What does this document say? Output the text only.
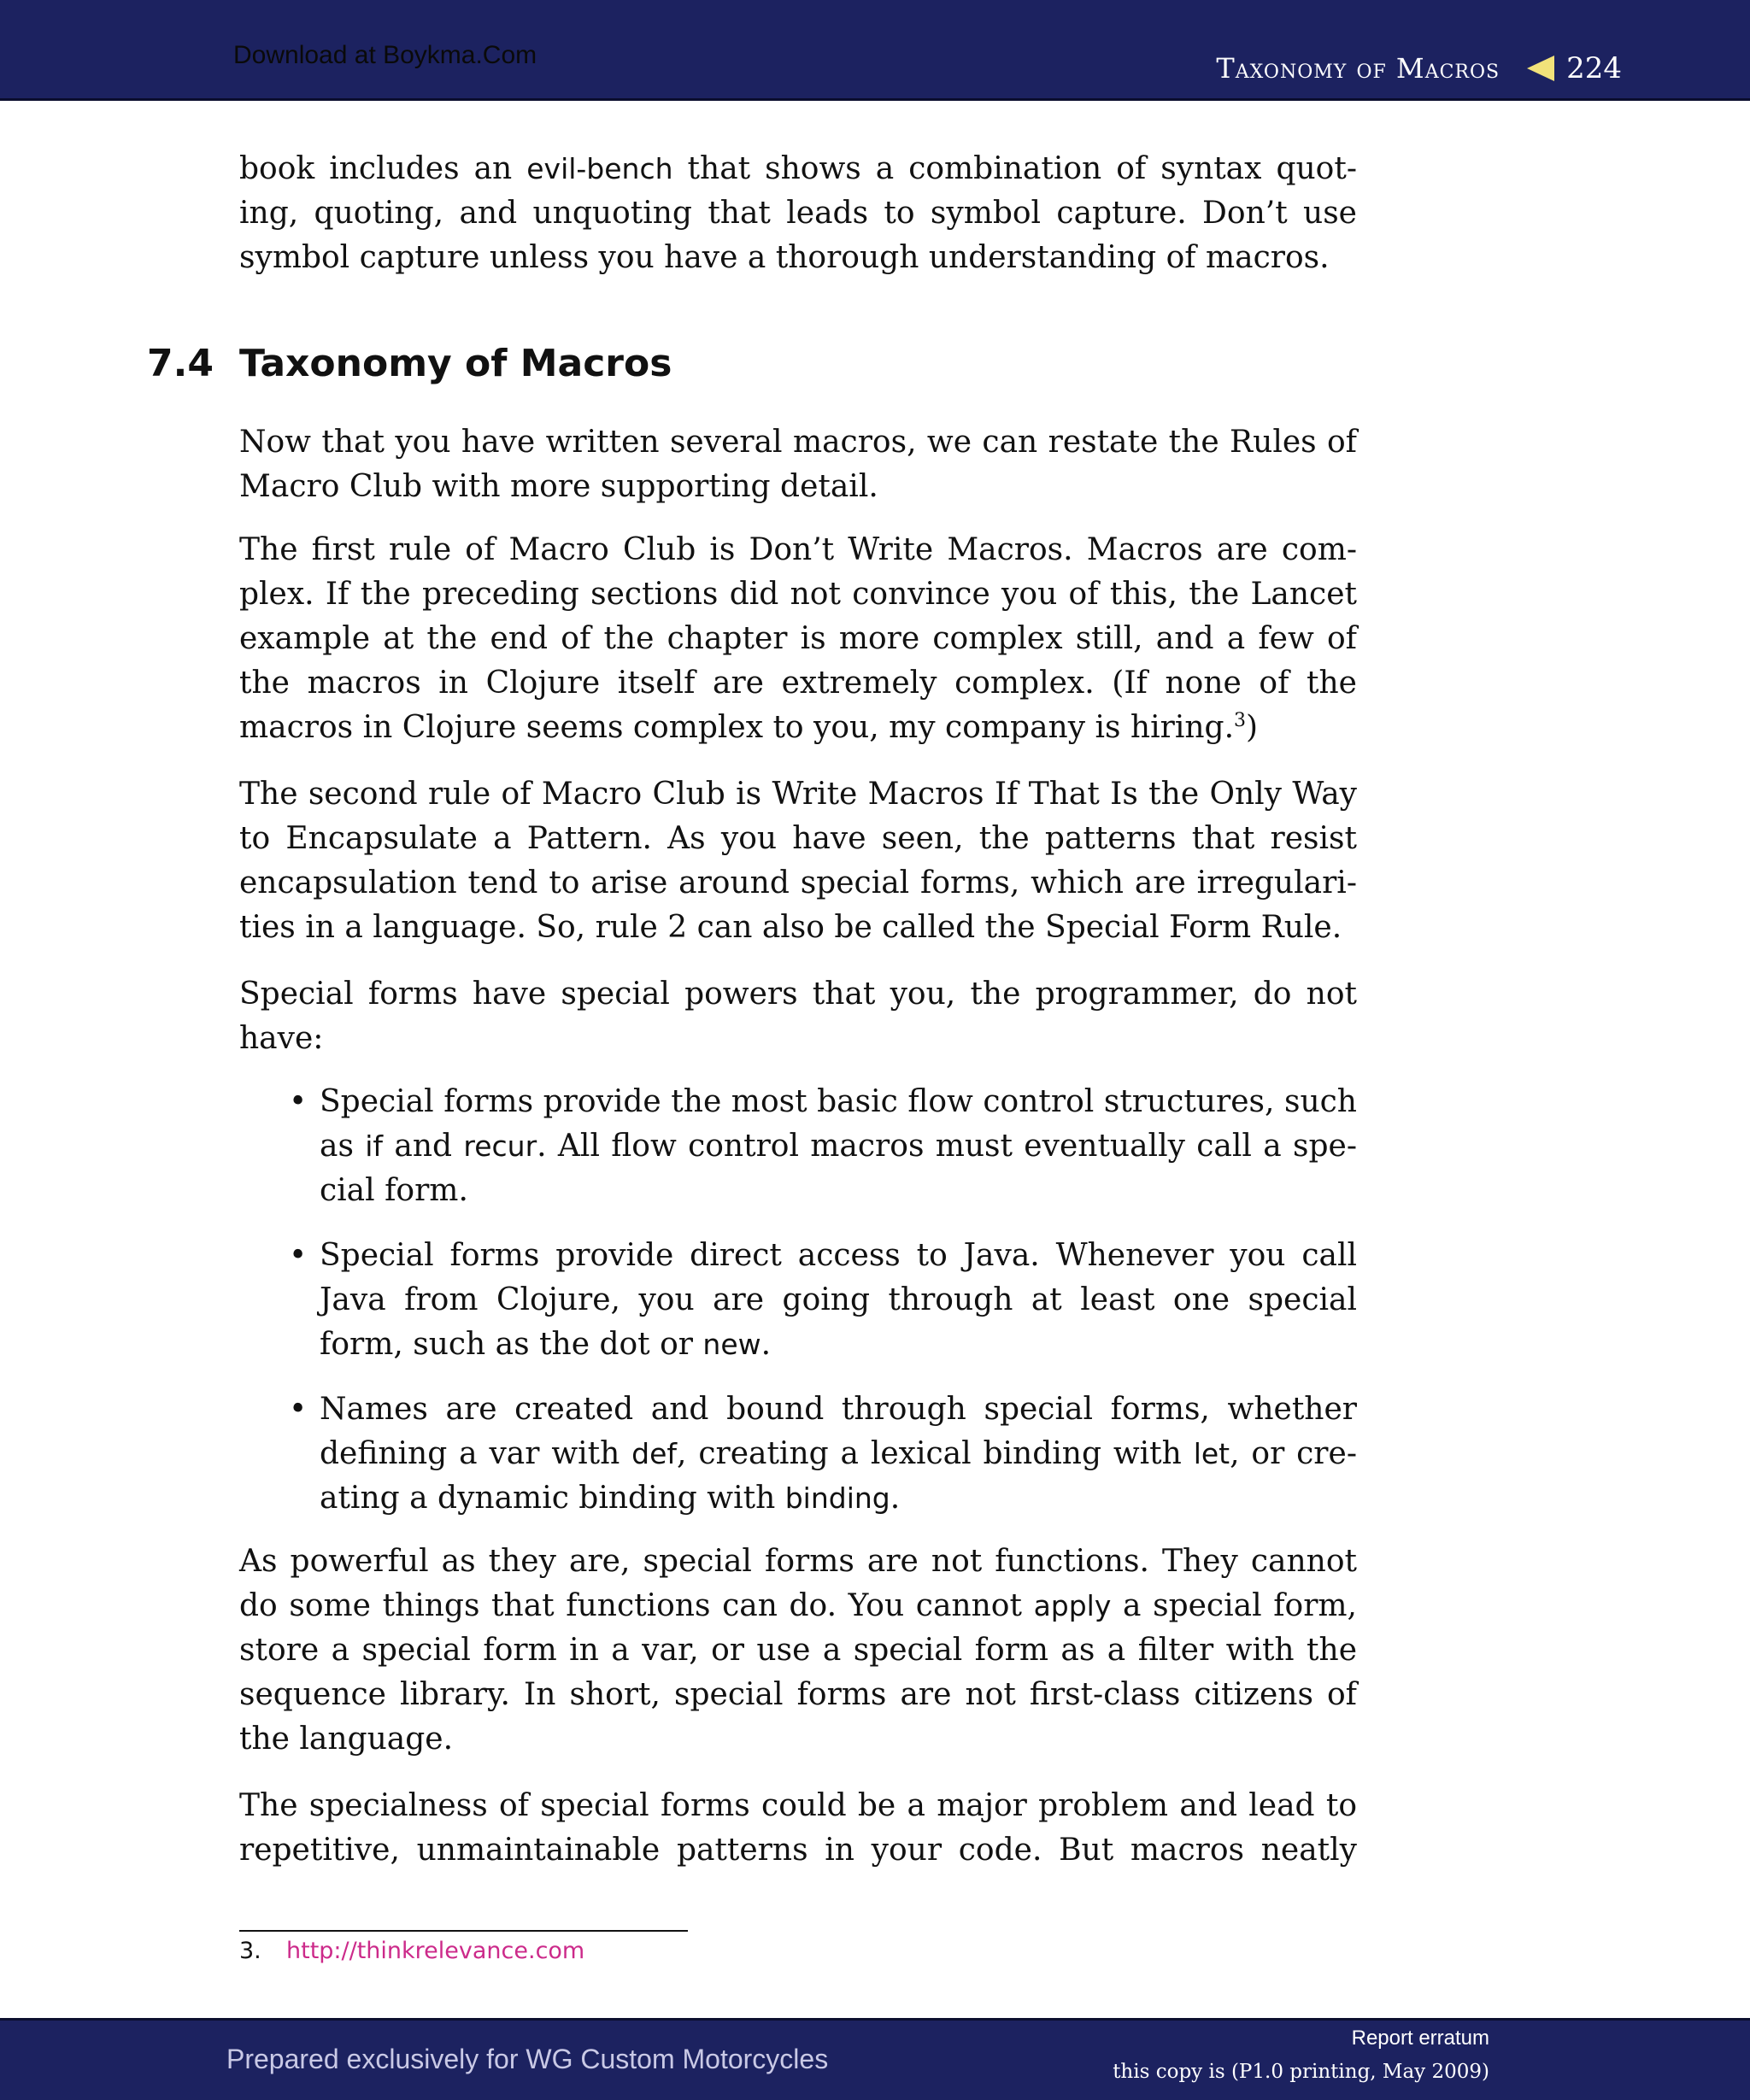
Download at Boykma.Com	Taxonomy of Macros 224

book includes an evil-bench that shows a combination of syntax quoting, quoting, and unquoting that leads to symbol capture. Don’t use symbol capture unless you have a thorough understanding of macros.

7.4 Taxonomy of Macros

Now that you have written several macros, we can restate the Rules of Macro Club with more supporting detail.

The first rule of Macro Club is Don’t Write Macros. Macros are complex. If the preceding sections did not convince you of this, the Lancet example at the end of the chapter is more complex still, and a few of the macros in Clojure itself are extremely complex. (If none of the macros in Clojure seems complex to you, my company is hiring.$^3$)

The second rule of Macro Club is Write Macros If That Is the Only Way to Encapsulate a Pattern. As you have seen, the patterns that resist encapsulation tend to arise around special forms, which are irregularities in a language. So, rule 2 can also be called the Special Form Rule.

Special forms have special powers that you, the programmer, do not have:

• Special forms provide the most basic flow control structures, such as if and recur. All flow control macros must eventually call a special form.
• Special forms provide direct access to Java. Whenever you call Java from Clojure, you are going through at least one special form, such as the dot or new.
• Names are created and bound through special forms, whether defining a var with def, creating a lexical binding with let, or creating a dynamic binding with binding.

As powerful as they are, special forms are not functions. They cannot do some things that functions can do. You cannot apply a special form, store a special form in a var, or use a special form as a filter with the sequence library. In short, special forms are not first-class citizens of the language.

The specialness of special forms could be a major problem and lead to repetitive, unmaintainable patterns in your code. But macros neatly

3.	http://thinkrelevance.com
Prepared exclusively for WG Custom Motorcycles
Report erratum
this copy is (P1.0 printing, May 2009)
